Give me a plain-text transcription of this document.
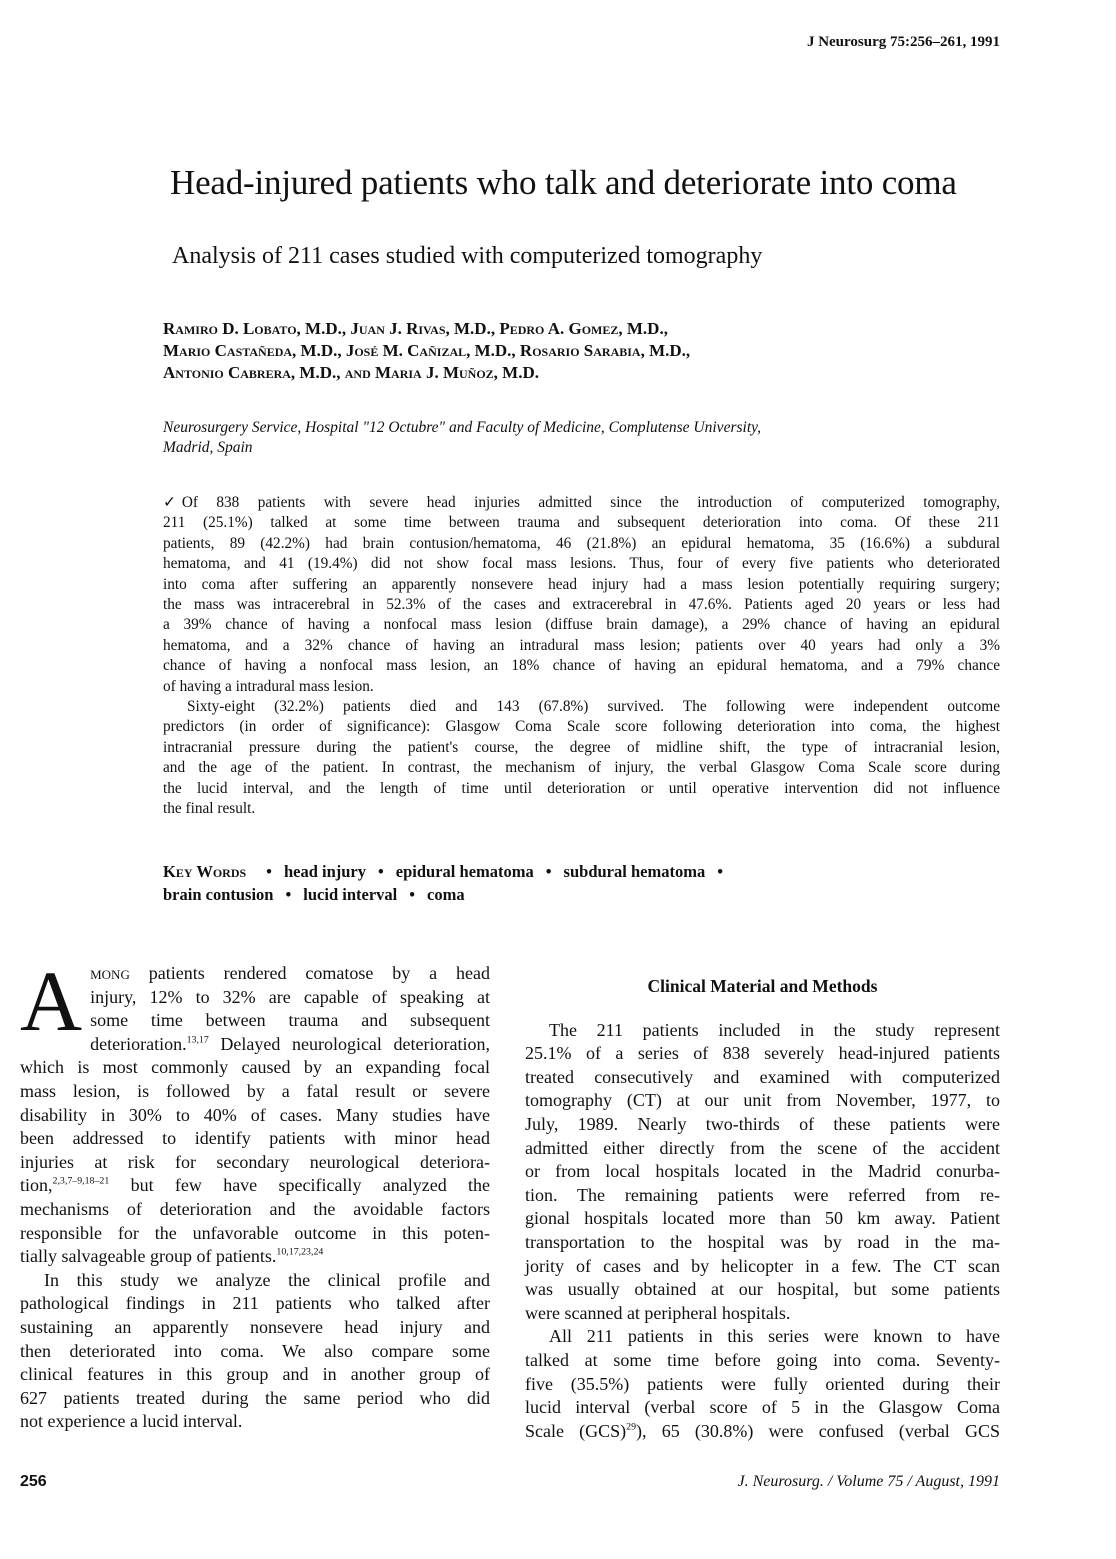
J Neurosurg 75:256–261, 1991
Head-injured patients who talk and deteriorate into coma
Analysis of 211 cases studied with computerized tomography
Ramiro D. Lobato, M.D., Juan J. Rivas, M.D., Pedro A. Gomez, M.D.,
Mario Castañeda, M.D., José M. Cañizal, M.D., Rosario Sarabia, M.D.,
Antonio Cabrera, M.D., and Maria J. Muñoz, M.D.
Neurosurgery Service, Hospital "12 Octubre" and Faculty of Medicine, Complutense University,
Madrid, Spain
✓ Of 838 patients with severe head injuries admitted since the introduction of computerized tomography,
211 (25.1%) talked at some time between trauma and subsequent deterioration into coma. Of these 211
patients, 89 (42.2%) had brain contusion/hematoma, 46 (21.8%) an epidural hematoma, 35 (16.6%) a subdural
hematoma, and 41 (19.4%) did not show focal mass lesions. Thus, four of every five patients who deteriorated
into coma after suffering an apparently nonsevere head injury had a mass lesion potentially requiring surgery;
the mass was intracerebral in 52.3% of the cases and extracerebral in 47.6%. Patients aged 20 years or less had
a 39% chance of having a nonfocal mass lesion (diffuse brain damage), a 29% chance of having an epidural
hematoma, and a 32% chance of having an intradural mass lesion; patients over 40 years had only a 3%
chance of having a nonfocal mass lesion, an 18% chance of having an epidural hematoma, and a 79% chance
of having a intradural mass lesion.
Sixty-eight (32.2%) patients died and 143 (67.8%) survived. The following were independent outcome
predictors (in order of significance): Glasgow Coma Scale score following deterioration into coma, the highest
intracranial pressure during the patient's course, the degree of midline shift, the type of intracranial lesion,
and the age of the patient. In contrast, the mechanism of injury, the verbal Glasgow Coma Scale score during
the lucid interval, and the length of time until deterioration or until operative intervention did not influence
the final result.
Key Words • head injury • epidural hematoma • subdural hematoma •
brain contusion • lucid interval • coma
A mong patients rendered comatose by a head
injury, 12% to 32% are capable of speaking at
some time between trauma and subsequent
deterioration.$^{13,17}$ Delayed neurological deterioration,
which is most commonly caused by an expanding focal
mass lesion, is followed by a fatal result or severe
disability in 30% to 40% of cases. Many studies have
been addressed to identify patients with minor head
injuries at risk for secondary neurological deteriora-
tion,$^{2,3,7-9,18-21}$ but few have specifically analyzed the
mechanisms of deterioration and the avoidable factors
responsible for the unfavorable outcome in this poten-
tially salvageable group of patients.$^{10,17,23,24}$
In this study we analyze the clinical profile and
pathological findings in 211 patients who talked after
sustaining an apparently nonsevere head injury and
then deteriorated into coma. We also compare some
clinical features in this group and in another group of
627 patients treated during the same period who did
not experience a lucid interval.
Clinical Material and Methods
The 211 patients included in the study represent
25.1% of a series of 838 severely head-injured patients
treated consecutively and examined with computerized
tomography (CT) at our unit from November, 1977, to
July, 1989. Nearly two-thirds of these patients were
admitted either directly from the scene of the accident
or from local hospitals located in the Madrid conurba-
tion. The remaining patients were referred from re-
gional hospitals located more than 50 km away. Patient
transportation to the hospital was by road in the ma-
jority of cases and by helicopter in a few. The CT scan
was usually obtained at our hospital, but some patients
were scanned at peripheral hospitals.
All 211 patients in this series were known to have
talked at some time before going into coma. Seventy-
five (35.5%) patients were fully oriented during their
lucid interval (verbal score of 5 in the Glasgow Coma
Scale (GCS)$^{29}$), 65 (30.8%) were confused (verbal GCS
256	J. Neurosurg. / Volume 75 / August, 1991
